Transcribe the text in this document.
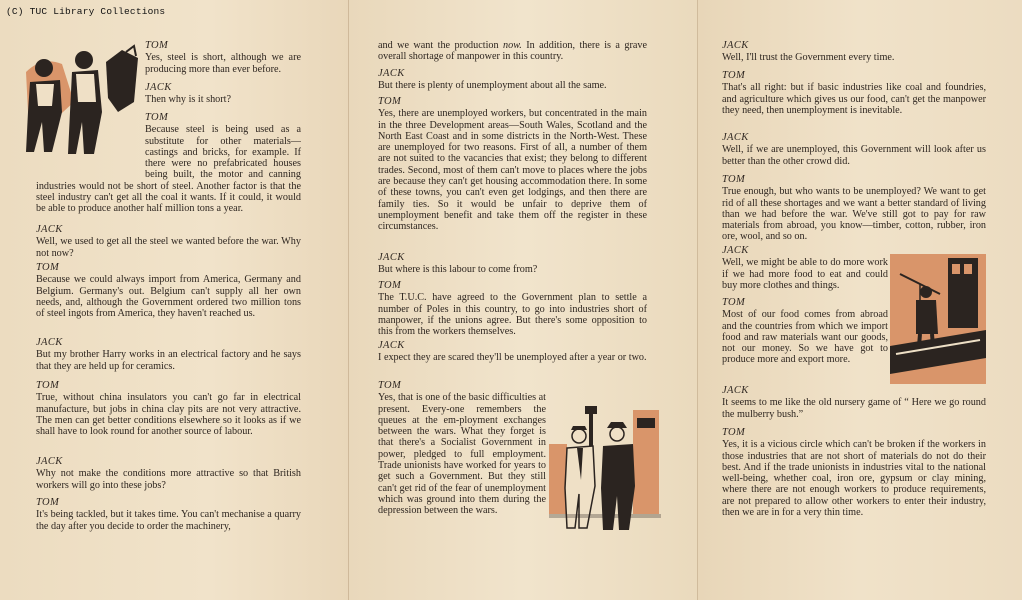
(C) TUC Library Collections
TOM
Yes, steel is short, although we are producing more than ever before.
JACK
Then why is it short?
TOM
Because steel is being used as a substitute for other materials—castings and bricks, for example. If there were no prefabricated houses being built, the motor and canning industries would not be short of steel. Another factor is that the steel industry can't get all the coal it wants. If it could, it would be able to produce another half million tons a year.
JACK
Well, we used to get all the steel we wanted before the war. Why not now?
TOM
Because we could always import from America, Germany and Belgium. Germany's out. Belgium can't supply all her own needs, and, although the Government ordered two million tons of steel ingots from America, they haven't reached us.
JACK
But my brother Harry works in an electrical factory and he says that they are held up for ceramics.
TOM
True, without china insulators you can't go far in electrical manufacture, but jobs in china clay pits are not very attractive. The men can get better conditions elsewhere so it looks as if we shall have to look round for another source of labour.
JACK
Why not make the conditions more attractive so that British workers will go into these jobs?
TOM
It's being tackled, but it takes time. You can't mechanise a quarry the day after you decide to order the machinery,
and we want the production now. In addition, there is a grave overall shortage of manpower in this country.
JACK
But there is plenty of unemployment about all the same.
TOM
Yes, there are unemployed workers, but concentrated in the main in the three Development areas—South Wales, Scotland and the North East Coast and in some districts in the North-West. These are unemployed for two reasons. First of all, a number of them are not suited to the vacancies that exist; they belong to different trades. Second, most of them can't move to places where the jobs are because they can't get housing accommodation there. In some of these towns, you can't even get lodgings, and then there are family ties. So it would be unfair to deprive them of unemployment benefit and take them off the register in these circumstances.
JACK
But where is this labour to come from?
TOM
The T.U.C. have agreed to the Government plan to settle a number of Poles in this country, to go into industries short of manpower, if the unions agree. But there's some opposition to this from the workers themselves.
JACK
I expect they are scared they'll be unemployed after a year or two.
TOM
Yes, that is one of the basic difficulties at present. Every-one remembers the queues at the em-ployment exchanges between the wars. What they forget is that there's a Socialist Government in power, pledged to full employment. Trade unionists have worked for years to get such a Government. But they still can't get rid of the fear of unemployment which was ground into them during the depression between the wars.
JACK
Well, I'll trust the Government every time.
TOM
That's all right: but if basic industries like coal and foundries, and agriculture which gives us our food, can't get the manpower they need, then unemployment is inevitable.
JACK
Well, if we are unemployed, this Government will look after us better than the other crowd did.
TOM
True enough, but who wants to be unemployed? We want to get rid of all these shortages and we want a better standard of living than we had before the war. We've still got to pay for raw materials from abroad, you know—timber, cotton, rubber, iron ore, wool, and so on.
JACK
Well, we might be able to do more work if we had more food to eat and could buy more clothes and things.
TOM
Most of our food comes from abroad and the countries from which we import food and raw materials want our goods, not our money. So we have got to produce more and export more.
JACK
It seems to me like the old nursery game of “ Here we go round the mulberry bush.”
TOM
Yes, it is a vicious circle which can't be broken if the workers in those industries that are not short of materials do not do their best. And if the trade unionists in industries vital to the national well-being, whether coal, iron ore, gypsum or clay mining, where there are not enough workers to produce requirements, are not prepared to allow other workers to enter their industry, then we are in for a very thin time.
